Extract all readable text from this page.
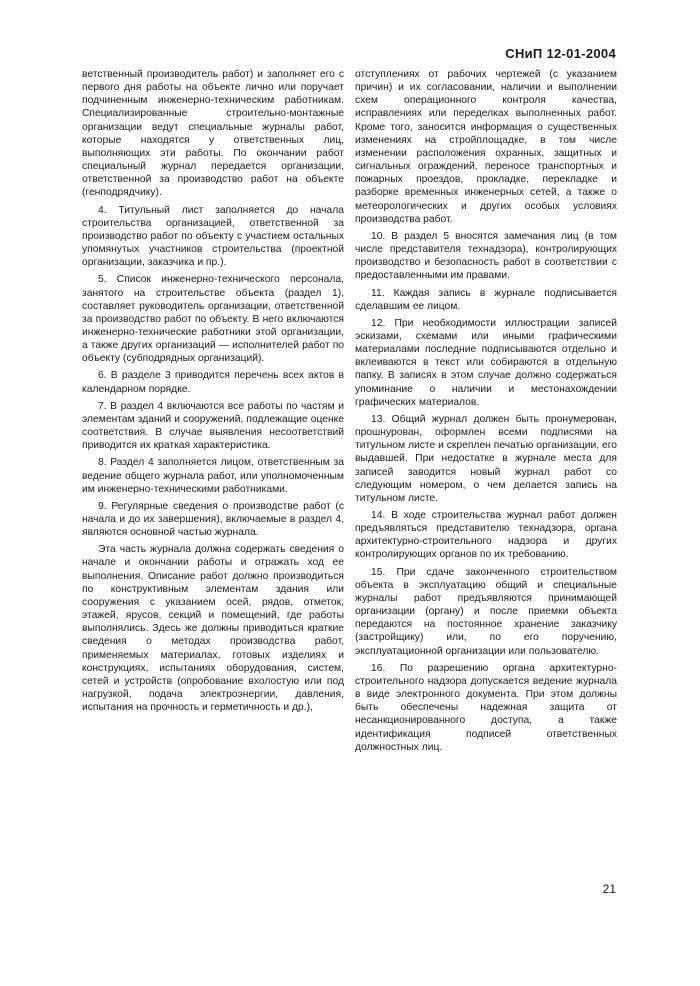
СНиП 12-01-2004

ветственный производитель работ) и заполняет его с первого дня работы на объекте лично или поручает подчиненным инженерно-техническим работникам. Специализированные строительно-монтажные организации ведут специальные журналы работ, которые находятся у ответственных лиц, выполняющих эти работы. По окончании работ специальный журнал передается организации, ответственной за производство работ на объекте (генподрядчику).

4. Титульный лист заполняется до начала строительства организацией, ответственной за производство работ по объекту с участием остальных упомянутых участников строительства (проектной организации, заказчика и пр.).

5. Список инженерно-технического персонала, занятого на строительстве объекта (раздел 1), составляет руководитель организации, ответственной за производство работ по объекту. В него включаются инженерно-технические работники этой организации, а также других организаций — исполнителей работ по объекту (субподрядных организаций).

6. В разделе 3 приводится перечень всех актов в календарном порядке.

7. В раздел 4 включаются все работы по частям и элементам зданий и сооружений, подлежащие оценке соответствия. В случае выявления несоответствий приводится их краткая характеристика.

8. Раздел 4 заполняется лицом, ответственным за ведение общего журнала работ, или уполномоченным им инженерно-техническими работниками.

9. Регулярные сведения о производстве работ (с начала и до их завершения), включаемые в раздел 4, являются основной частью журнала.

Эта часть журнала должна содержать сведения о начале и окончании работы и отражать ход ее выполнения. Описание работ должно производиться по конструктивным элементам здания или сооружения с указанием осей, рядов, отметок, этажей, ярусов, секций и помещений, где работы выполнялись. Здесь же должны приводиться краткие сведения о методах производства работ, применяемых материалах, готовых изделиях и конструкциях, испытаниях оборудования, систем, сетей и устройств (опробование вхолостую или под нагрузкой, подача электроэнергии, давления, испытания на прочность и герметичность и др.),

отступлениях от рабочих чертежей (с указанием причин) и их согласовании, наличии и выполнении схем операционного контроля качества, исправлениях или переделках выполненных работ. Кроме того, заносится информация о существенных изменениях на стройплощадке, в том числе изменении расположения охранных, защитных и сигнальных ограждений, переносе транспортных и пожарных проездов, прокладке, перекладке и разборке временных инженерных сетей, а также о метеорологических и других особых условиях производства работ.

10. В раздел 5 вносятся замечания лиц (в том числе представителя технадзора), контролирующих производство и безопасность работ в соответствии с предоставленными им правами.

11. Каждая запись в журнале подписывается сделавшим ее лицом.

12. При необходимости иллюстрации записей эскизами, схемами или иными графическими материалами последние подписываются отдельно и вклеиваются в текст или собираются в отдельную папку. В записях в этом случае должно содержаться упоминание о наличии и местонахождении графических материалов.

13. Общий журнал должен быть пронумерован, прошнурован, оформлен всеми подписями на титульном листе и скреплен печатью организации, его выдавшей. При недостатке в журнале места для записей заводится новый журнал работ со следующим номером, о чем делается запись на титульном листе.

14. В ходе строительства журнал работ должен предъявляться представителю технадзора, органа архитектурно-строительного надзора и других контролирующих органов по их требованию.

15. При сдаче законченного строительством объекта в эксплуатацию общий и специальные журналы работ предъявляются принимающей организации (органу) и после приемки объекта передаются на постоянное хранение заказчику (застройщику) или, по его поручению, эксплуатационной организации или пользователю.

16. По разрешению органа архитектурно-строительного надзора допускается ведение журнала в виде электронного документа. При этом должны быть обеспечены надежная защита от несанкционированного доступа, а также идентификация подписей ответственных должностных лиц.

21
